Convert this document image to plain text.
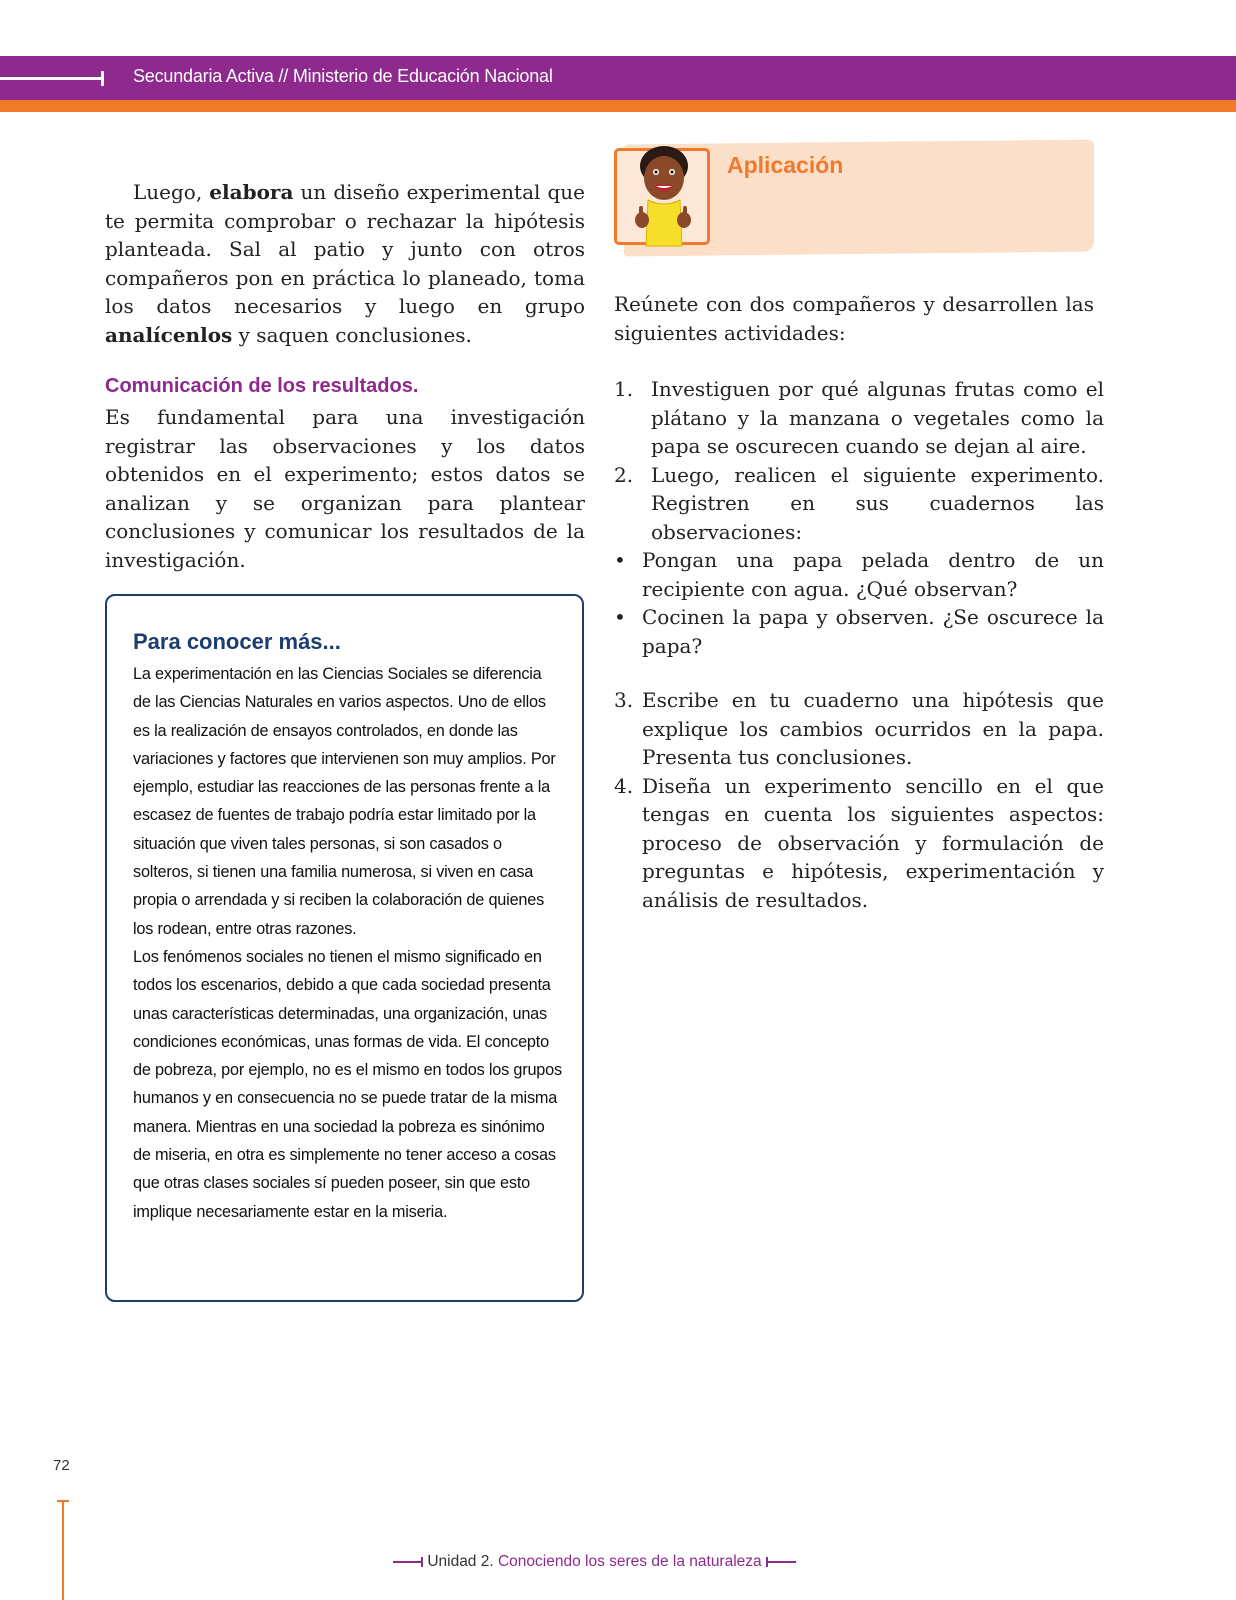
Secundaria Activa // Ministerio de Educación Nacional
Luego, elabora un diseño experimental que te permita comprobar o rechazar la hipótesis planteada. Sal al patio y junto con otros compañeros pon en práctica lo planeado, toma los datos necesarios y luego en grupo analícenlos y saquen conclusiones.
Comunicación de los resultados.
Es fundamental para una investigación registrar las observaciones y los datos obtenidos en el experimento; estos datos se analizan y se organizan para plantear conclusiones y comunicar los resultados de la investigación.
Para conocer más...

La experimentación en las Ciencias Sociales se diferencia de las Ciencias Naturales en varios aspectos. Uno de ellos es la realización de ensayos controlados, en donde las variaciones y factores que intervienen son muy amplios. Por ejemplo, estudiar las reacciones de las personas frente a la escasez de fuentes de trabajo podría estar limitado por la situación que viven tales personas, si son casados o solteros, si tienen una familia numerosa, si viven en casa propia o arrendada y si reciben la colaboración de quienes los rodean, entre otras razones.

Los fenómenos sociales no tienen el mismo significado en todos los escenarios, debido a que cada sociedad presenta unas características determinadas, una organización, unas condiciones económicas, unas formas de vida. El concepto de pobreza, por ejemplo, no es el mismo en todos los grupos humanos y en consecuencia no se puede tratar de la misma manera. Mientras en una sociedad la pobreza es sinónimo de miseria, en otra es simplemente no tener acceso a cosas que otras clases sociales sí pueden poseer, sin que esto implique necesariamente estar en la miseria.

Aplicación
Reúnete con dos compañeros y desarrollen las siguientes actividades:
1. Investiguen por qué algunas frutas como el plátano y la manzana o vegetales como la papa se oscurecen cuando se dejan al aire.
2. Luego, realicen el siguiente experimento. Registren en sus cuadernos las observaciones:
• Pongan una papa pelada dentro de un recipiente con agua. ¿Qué observan?
• Cocinen la papa y observen. ¿Se oscurece la papa?
3. Escribe en tu cuaderno una hipótesis que explique los cambios ocurridos en la papa. Presenta tus conclusiones.
4. Diseña un experimento sencillo en el que tengas en cuenta los siguientes aspectos: proceso de observación y formulación de preguntas e hipótesis, experimentación y análisis de resultados.
72
Unidad 2. Conociendo los seres de la naturaleza
